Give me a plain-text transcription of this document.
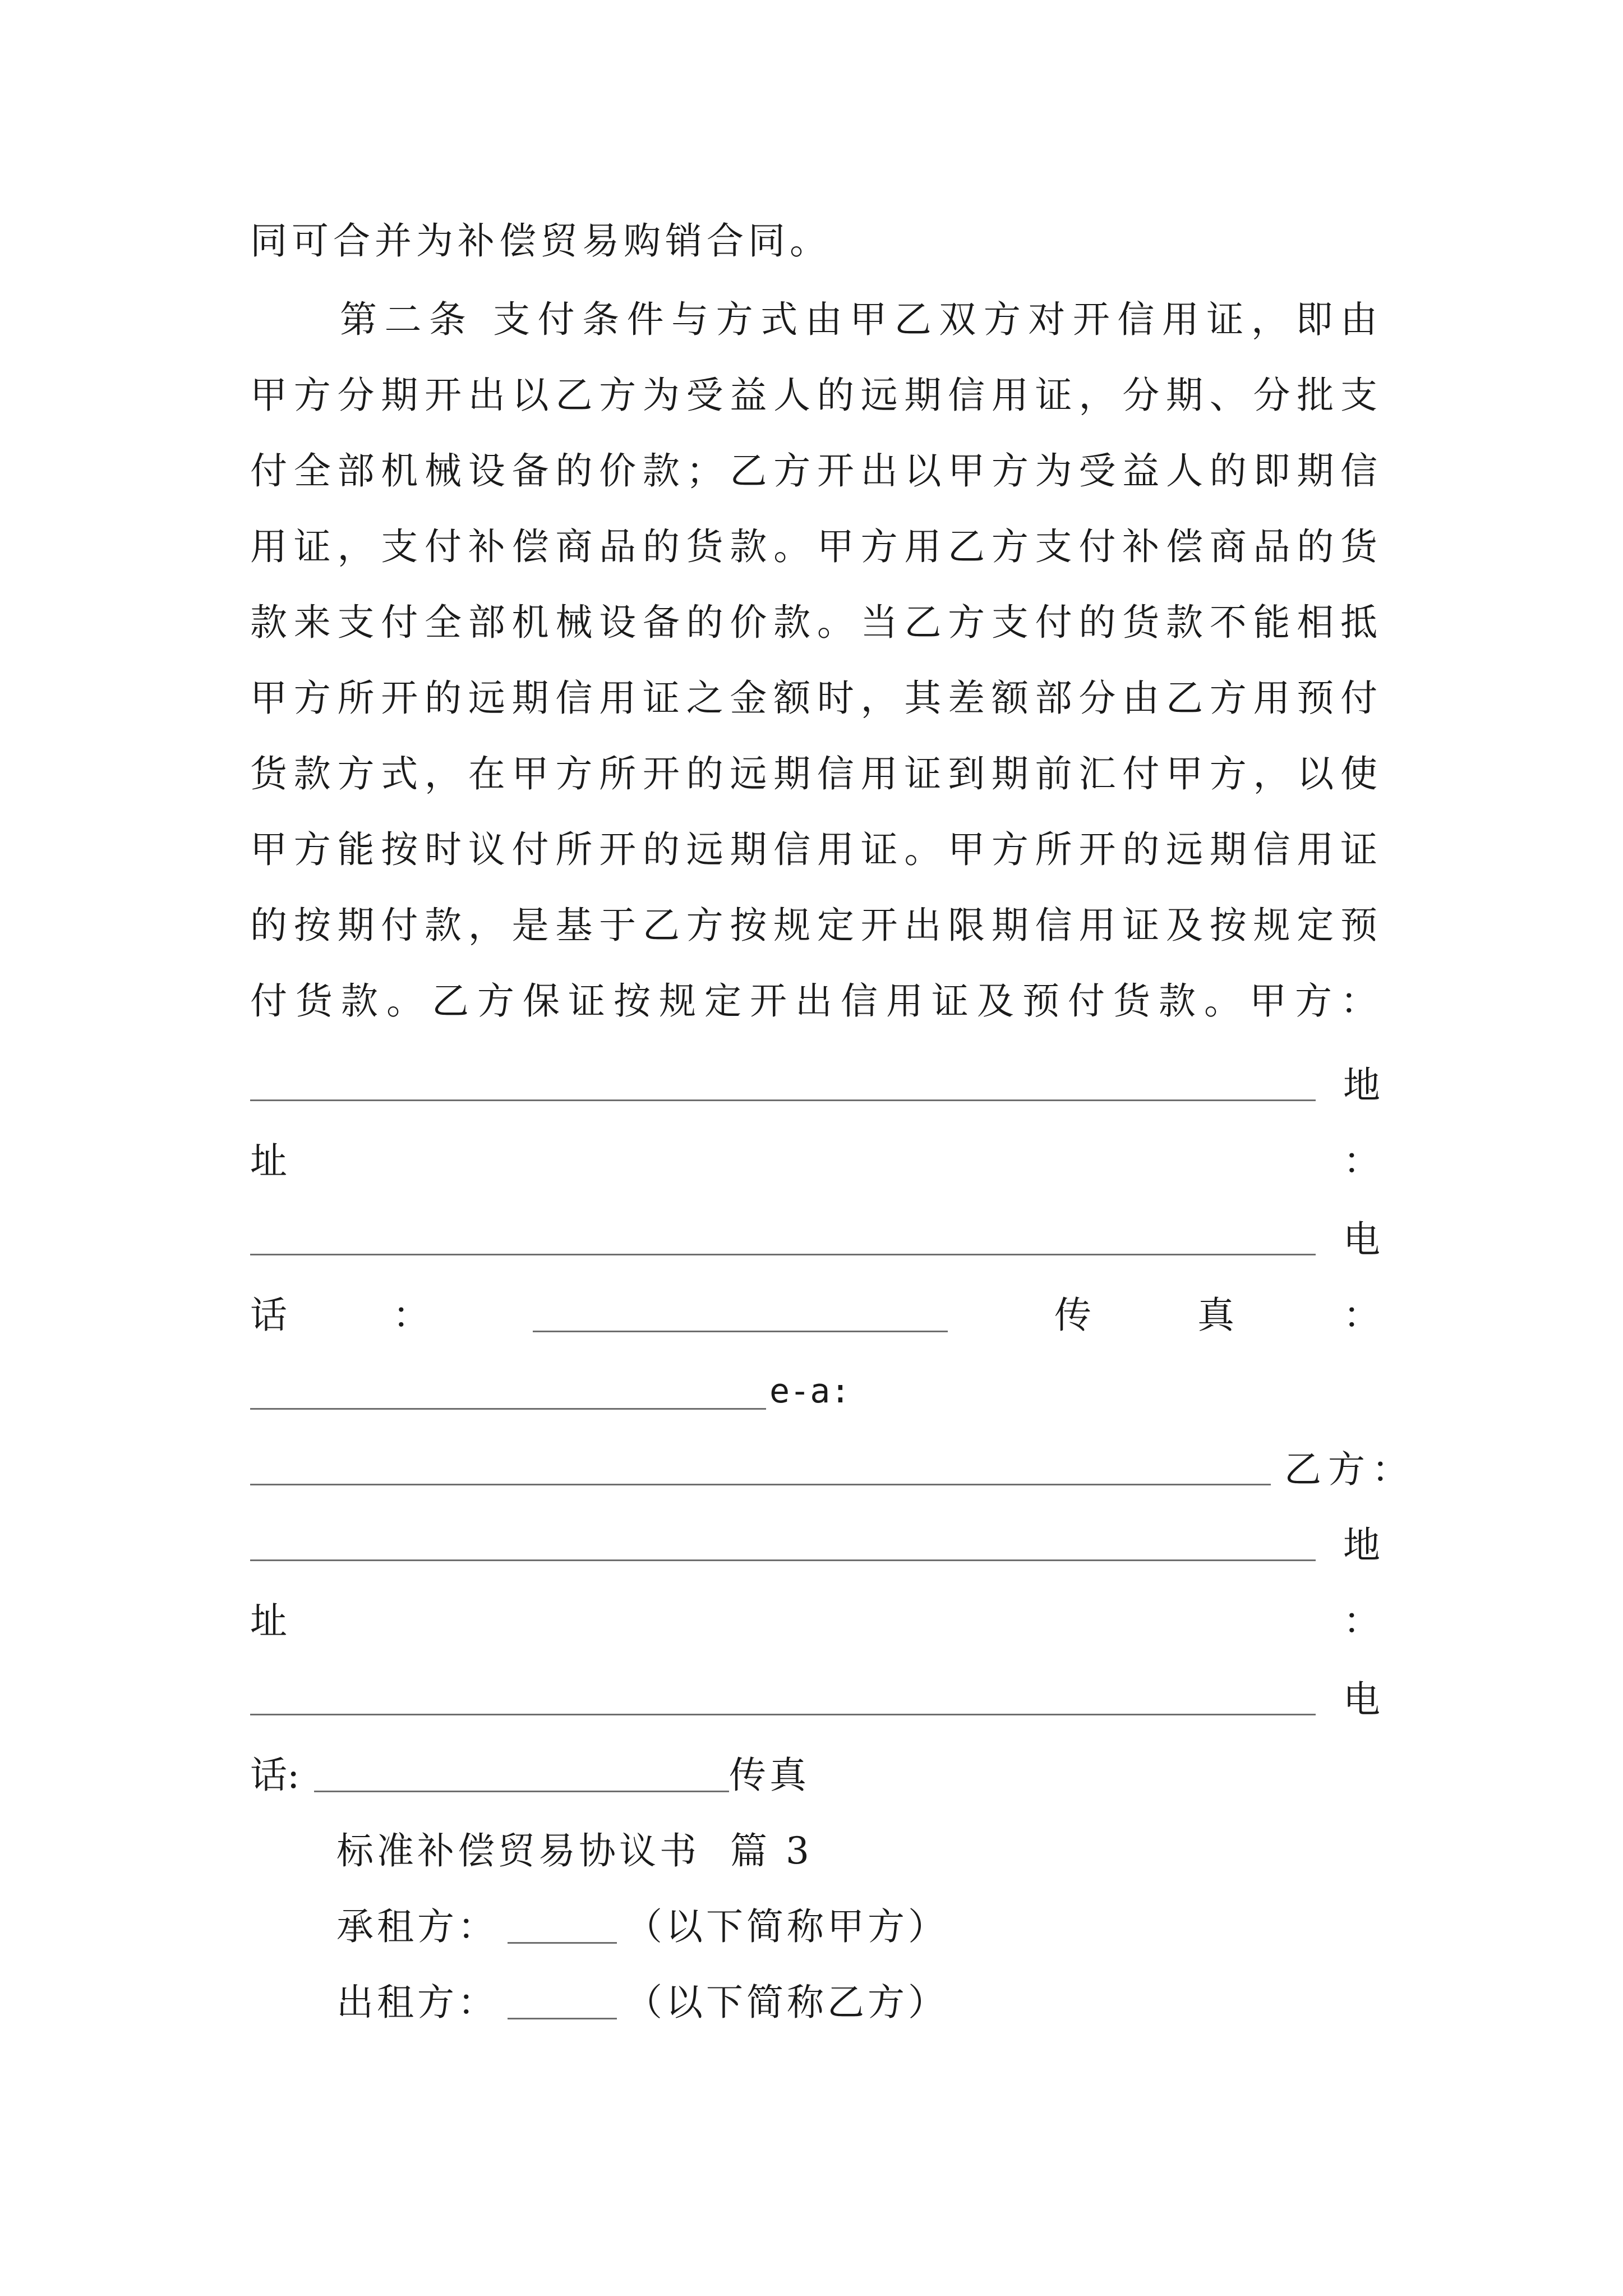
同可合并为补偿贸易购销合同。
第二条 支付条件与方式由甲乙双方对开信用证，即由
甲方分期开出以乙方为受益人的远期信用证，分期、分批支
付全部机械设备的价款；乙方开出以甲方为受益人的即期信
用证，支付补偿商品的货款。甲方用乙方支付补偿商品的货
款来支付全部机械设备的价款。当乙方支付的货款不能相抵
甲方所开的远期信用证之金额时，其差额部分由乙方用预付
货款方式，在甲方所开的远期信用证到期前汇付甲方，以使
甲方能按时议付所开的远期信用证。甲方所开的远期信用证
的按期付款，是基于乙方按规定开出限期信用证及按规定预
付货款。乙方保证按规定开出信用证及预付货款。甲方：
地
址	：
电
话	：	传	真	：
e-a:
乙方：
地
址	：
电
话:	传真
标准补偿贸易协议书  篇 3
承租方：	（以下简称甲方）
出租方：	（以下简称乙方）
